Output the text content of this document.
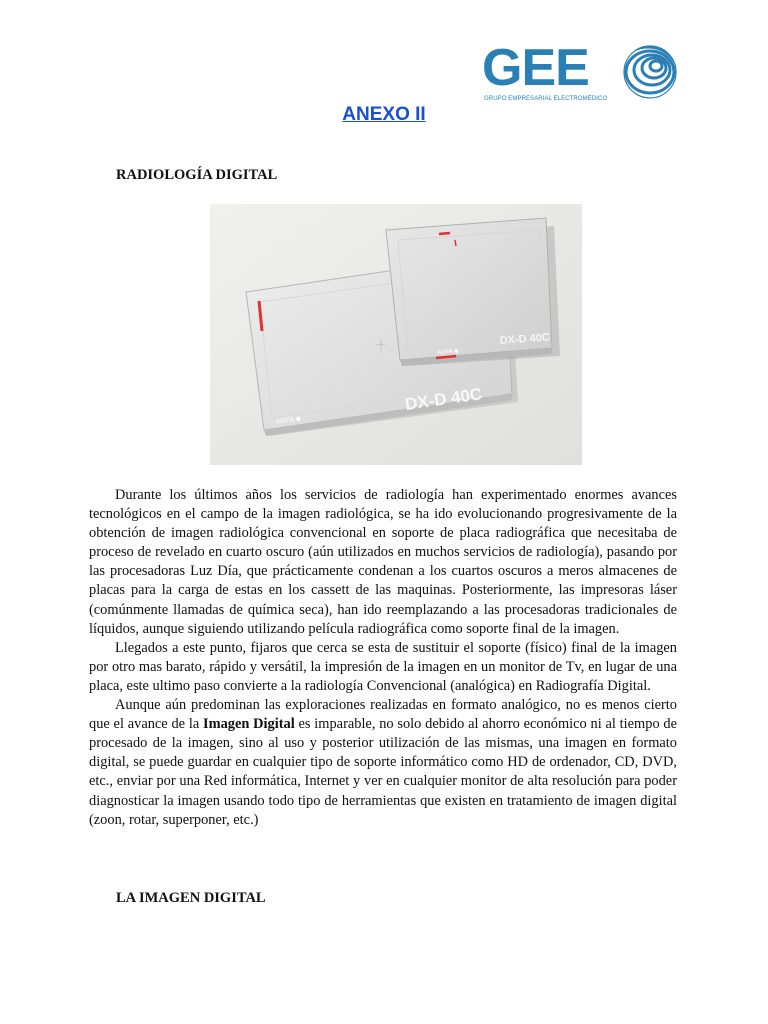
GEE
GRUPO EMPRESARIAL ELECTROMÉDICO
ANEXO II
RADIOLOGÍA DIGITAL
AGFA ◆
DX-D 40C
DX-D 40C
AGFA ◆

Durante los últimos años los servicios de radiología han experimentado enormes avances tecnológicos en el campo de la imagen radiológica, se ha ido evolucionando progresivamente de la obtención de imagen radiológica convencional en soporte de placa radiográfica que necesitaba de proceso de revelado en cuarto oscuro (aún utilizados en muchos servicios de radiología), pasando por las procesadoras Luz Día, que prácticamente condenan a los cuartos oscuros a meros almacenes de placas para la carga de estas en los cassett de las maquinas. Posteriormente, las impresoras láser (comúnmente llamadas de química seca), han ido reemplazando a las procesadoras tradicionales de líquidos, aunque siguiendo utilizando película radiográfica como soporte final de la imagen.

Llegados a este punto, fijaros que cerca se esta de sustituir el soporte (físico) final de la imagen por otro mas barato, rápido y versátil, la impresión de la imagen en un monitor de Tv, en lugar de una placa, este ultimo paso convierte a la radiología Convencional (analógica) en Radiografía Digital.

Aunque aún predominan las exploraciones realizadas en formato analógico, no es menos cierto que el avance de la Imagen Digital es imparable, no solo debido al ahorro económico ni al tiempo de procesado de la imagen, sino al uso y posterior utilización de las mismas, una imagen en formato digital, se puede guardar en cualquier tipo de soporte informático como HD de ordenador, CD, DVD, etc., enviar por una Red informática, Internet y ver en cualquier monitor de alta resolución para poder diagnosticar la imagen usando todo tipo de herramientas que existen en tratamiento de imagen digital (zoon, rotar, superponer, etc.)

LA IMAGEN DIGITAL
